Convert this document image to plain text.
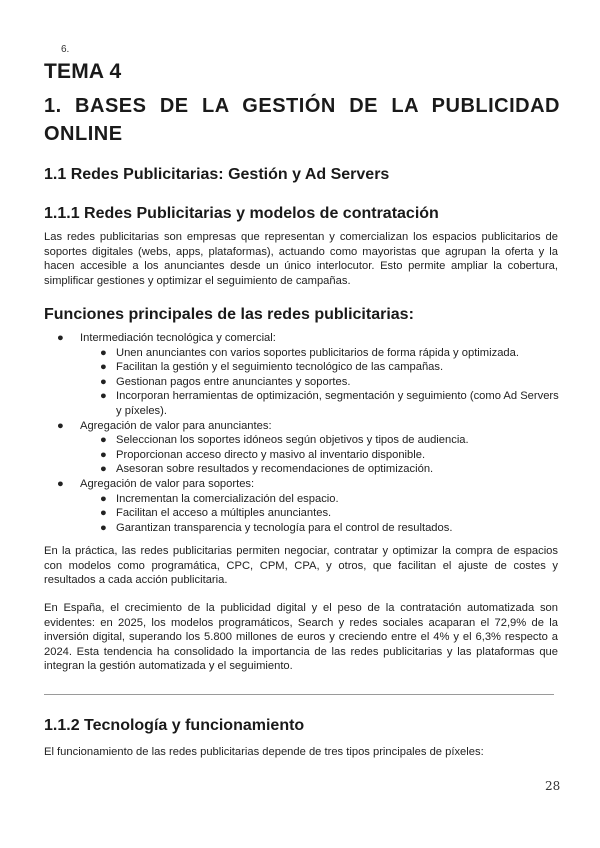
6.

TEMA 4
1. BASES DE LA GESTIÓN DE LA PUBLICIDAD ONLINE
1.1 Redes Publicitarias: Gestión y Ad Servers
1.1.1 Redes Publicitarias y modelos de contratación

Las redes publicitarias son empresas que representan y comercializan los espacios publicitarios de soportes digitales (webs, apps, plataformas), actuando como mayoristas que agrupan la oferta y la hacen accesible a los anunciantes desde un único interlocutor. Esto permite ampliar la cobertura, simplificar gestiones y optimizar el seguimiento de campañas.

Funciones principales de las redes publicitarias:
● Intermediación tecnológica y comercial:
● Unen anunciantes con varios soportes publicitarios de forma rápida y optimizada.
● Facilitan la gestión y el seguimiento tecnológico de las campañas.
● Gestionan pagos entre anunciantes y soportes.
● Incorporan herramientas de optimización, segmentación y seguimiento (como Ad Servers y píxeles).
● Agregación de valor para anunciantes:
● Seleccionan los soportes idóneos según objetivos y tipos de audiencia.
● Proporcionan acceso directo y masivo al inventario disponible.
● Asesoran sobre resultados y recomendaciones de optimización.
● Agregación de valor para soportes:
● Incrementan la comercialización del espacio.
● Facilitan el acceso a múltiples anunciantes.
● Garantizan transparencia y tecnología para el control de resultados.

En la práctica, las redes publicitarias permiten negociar, contratar y optimizar la compra de espacios con modelos como programática, CPC, CPM, CPA, y otros, que facilitan el ajuste de costes y resultados a cada acción publicitaria.

En España, el crecimiento de la publicidad digital y el peso de la contratación automatizada son evidentes: en 2025, los modelos programáticos, Search y redes sociales acaparan el 72,9% de la inversión digital, superando los 5.800 millones de euros y creciendo entre el 4% y el 6,3% respecto a 2024. Esta tendencia ha consolidado la importancia de las redes publicitarias y las plataformas que integran la gestión automatizada y el seguimiento.

1.1.2 Tecnología y funcionamiento

El funcionamiento de las redes publicitarias depende de tres tipos principales de píxeles:

28
